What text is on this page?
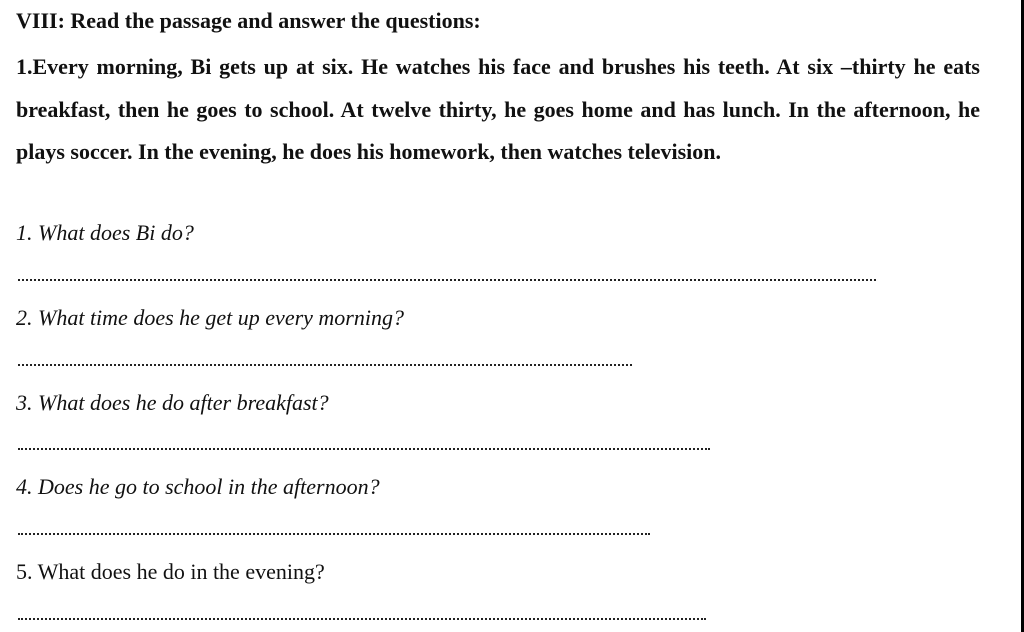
VIII: Read the passage and answer the questions:

1.Every morning, Bi gets up at six. He watches his face and brushes his teeth. At six –thirty he eats breakfast, then he goes to school. At twelve thirty, he goes home and has lunch. In the afternoon, he plays soccer. In the evening, he does his homework, then watches television.

1. What does Bi do?
2. What time does he get up every morning?
3. What does he do after breakfast?
4. Does he go to school in the afternoon?
5. What does he do in the evening?
